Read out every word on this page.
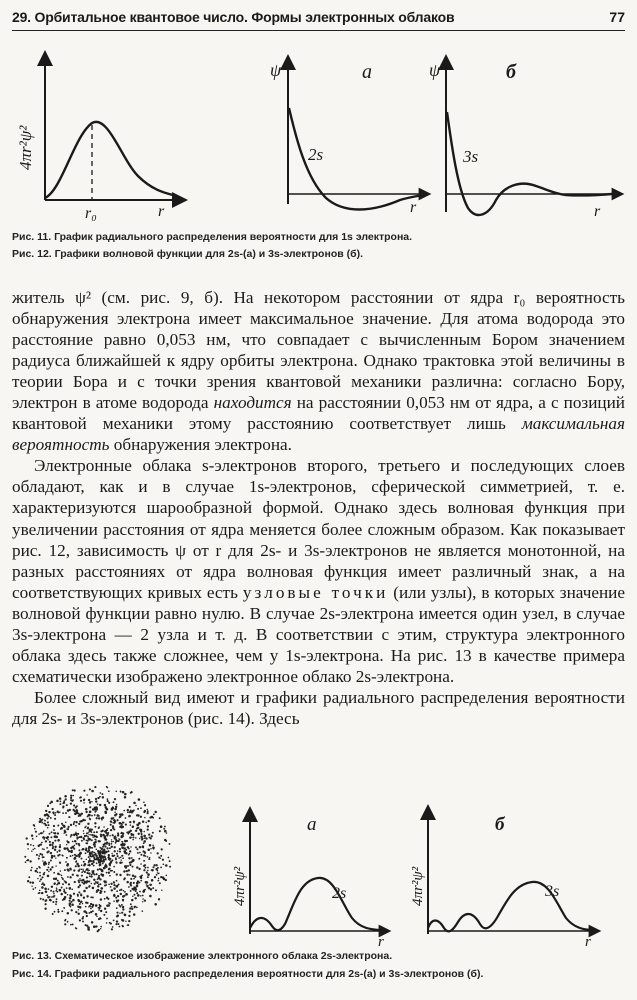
29. Орбитальное квантовое число. Формы электронных облаков	77
4πr²ψ²
r₀	r
ψ	a
2s
r
ψ	б
3s
r
Рис. 11. График радиального распределения вероятности для 1s электрона.
Рис. 12. Графики волновой функции для 2s-(а) и 3s-электронов (б).

житель ψ² (см. рис. 9, б). На некотором расстоянии от ядра r₀ вероятность обнаружения электрона имеет максимальное значение. Для атома водорода это расстояние равно 0,053 нм, что совпадает с вычисленным Бором значением радиуса ближайшей к ядру орбиты электрона. Однако трактовка этой величины в теории Бора и с точки зрения квантовой механики различна: согласно Бору, электрон в атоме водорода находится на расстоянии 0,053 нм от ядра, а с позиций квантовой механики этому расстоянию соответствует лишь максимальная вероятность обнаружения электрона.

Электронные облака s-электронов второго, третьего и последующих слоев обладают, как и в случае 1s-электронов, сферической симметрией, т. е. характеризуются шарообразной формой. Однако здесь волновая функция при увеличении расстояния от ядра меняется более сложным образом. Как показывает рис. 12, зависимость ψ от r для 2s- и 3s-электронов не является монотонной, на разных расстояниях от ядра волновая функция имеет различный знак, а на соответствующих кривых есть узловые точки (или узлы), в которых значение волновой функции равно нулю. В случае 2s-электрона имеется один узел, в случае 3s-электрона — 2 узла и т. д. В соответствии с этим, структура электронного облака здесь также сложнее, чем у 1s-электрона. На рис. 13 в качестве примера схематически изображено электронное облако 2s-электрона.

Более сложный вид имеют и графики радиального распределения вероятности для 2s- и 3s-электронов (рис. 14). Здесь

4πr²ψ²
а
2s
r
4πr²ψ²
б
3s
r
Рис. 13. Схематическое изображение электронного облака 2s-электрона.
Рис. 14. Графики радиального распределения вероятности для 2s-(а) и 3s-электронов (б).
